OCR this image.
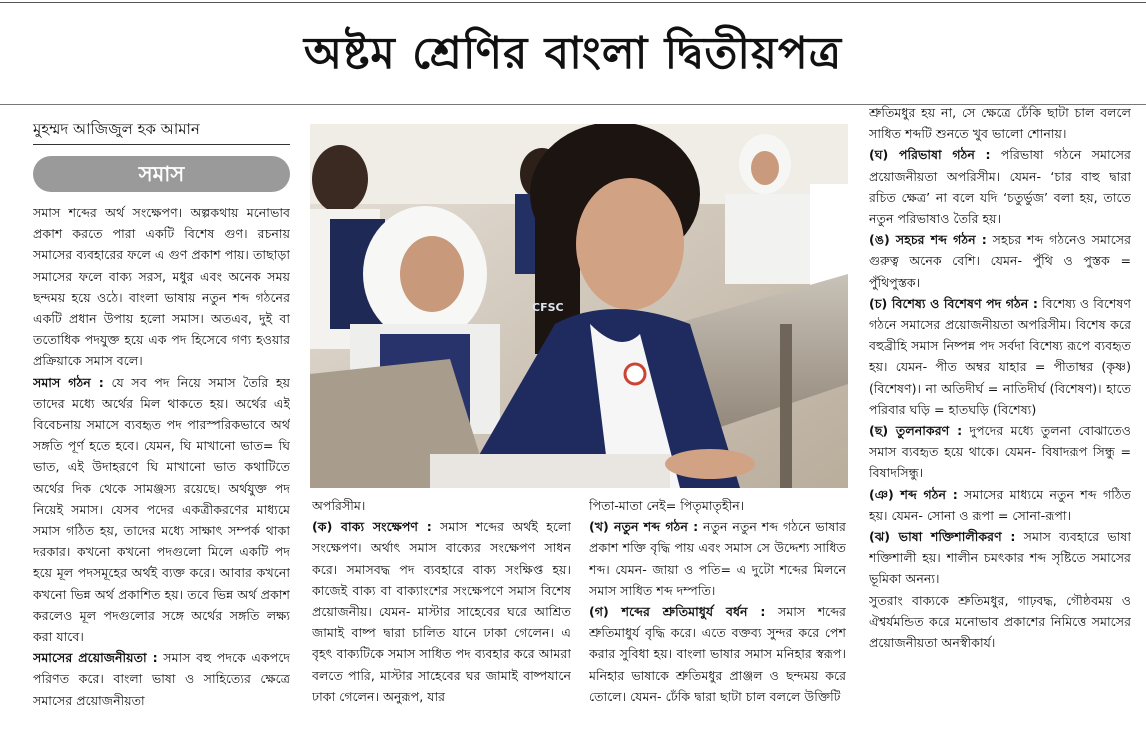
অষ্টম শ্রেণির বাংলা দ্বিতীয়পত্র
মুহম্মদ আজিজুল হক আমান
সমাস

সমাস শব্দের অর্থ সংক্ষেপণ। অল্পকথায় মনোভাব প্রকাশ করতে পারা একটি বিশেষ গুণ। রচনায় সমাসের ব্যবহারের ফলে এ গুণ প্রকাশ পায়। তাছাড়া সমাসের ফলে বাক্য সরস, মধুর এবং অনেক সময় ছন্দময় হয়ে ওঠে। বাংলা ভাষায় নতুন শব্দ গঠনের একটি প্রধান উপায় হলো সমাস। অতএব, দুই বা ততোধিক পদযুক্ত হয়ে এক পদ হিসেবে গণ্য হওয়ার প্রক্রিয়াকে সমাস বলে।

সমাস গঠন : যে সব পদ নিয়ে সমাস তৈরি হয় তাদের মধ্যে অর্থের মিল থাকতে হয়। অর্থের এই বিবেচনায় সমাসে ব্যবহৃত পদ পারস্পরিকভাবে অর্থ সঙ্গতি পূর্ণ হতে হবে। যেমন, ঘি মাখানো ভাত= ঘি ভাত, এই উদাহরণে ঘি মাখানো ভাত কথাটিতে অর্থের দিক থেকে সামঞ্জস্য রয়েছে। অর্থযুক্ত পদ নিয়েই সমাস। যেসব পদের একত্রীকরণের মাধ্যমে সমাস গঠিত হয়, তাদের মধ্যে সাক্ষাৎ সম্পর্ক থাকা দরকার। কখনো কখনো পদগুলো মিলে একটি পদ হয়ে মূল পদসমূহের অর্থই ব্যক্ত করে। আবার কখনো কখনো ভিন্ন অর্থ প্রকাশিত হয়। তবে ভিন্ন অর্থ প্রকাশ করলেও মূল পদগুলোর সঙ্গে অর্থের সঙ্গতি লক্ষ্য করা যাবে।

সমাসের প্রয়োজনীয়তা : সমাস বহু পদকে একপদে পরিণত করে। বাংলা ভাষা ও সাহিত্যের ক্ষেত্রে সমাসের প্রয়োজনীয়তা

CFSC

অপরিসীম।

(ক) বাক্য সংক্ষেপণ : সমাস শব্দের অর্থই হলো সংক্ষেপণ। অর্থাৎ সমাস বাক্যের সংক্ষেপণ সাধন করে। সমাসবদ্ধ পদ ব্যবহারে বাক্য সংক্ষিপ্ত হয়। কাজেই বাক্য বা বাক্যাংশের সংক্ষেপণে সমাস বিশেষ প্রয়োজনীয়। যেমন- মাস্টার সাহেবের ঘরে আশ্রিত জামাই বাষ্প দ্বারা চালিত যানে ঢাকা গেলেন। এ বৃহৎ বাক্যটিকে সমাস সাধিত পদ ব্যবহার করে আমরা বলতে পারি, মাস্টার সাহেবের ঘর জামাই বাষ্পযানে ঢাকা গেলেন। অনুরূপ, যার

পিতা-মাতা নেই= পিতৃমাতৃহীন।

(খ) নতুন শব্দ গঠন : নতুন নতুন শব্দ গঠনে ভাষার প্রকাশ শক্তি বৃদ্ধি পায় এবং সমাস সে উদ্দেশ্য সাধিত শব্দ। যেমন- জায়া ও পতি= এ দুটো শব্দের মিলনে সমাস সাধিত শব্দ দম্পতি।

(গ) শব্দের শ্রুতিমাধুর্য বর্ধন : সমাস শব্দের শ্রুতিমাধুর্য বৃদ্ধি করে। এতে বক্তব্য সুন্দর করে পেশ করার সুবিধা হয়। বাংলা ভাষার সমাস মনিহার স্বরূপ। মনিহার ভাষাকে শ্রুতিমধুর প্রাঞ্জল ও ছন্দময় করে তোলে। যেমন- ঢেঁকি দ্বারা ছাটা চাল বললে উক্তিটি

শ্রুতিমধুর হয় না, সে ক্ষেত্রে ঢেঁকি ছাটা চাল বললে সাধিত শব্দটি শুনতে খুব ভালো শোনায়।

(ঘ) পরিভাষা গঠন : পরিভাষা গঠনে সমাসের প্রয়োজনীয়তা অপরিসীম। যেমন- ‘চার বাহু দ্বারা রচিত ক্ষেত্র’ না বলে যদি ‘চতুর্ভুজ’ বলা হয়, তাতে নতুন পরিভাষাও তৈরি হয়।

(ঙ) সহচর শব্দ গঠন : সহচর শব্দ গঠনেও সমাসের গুরুত্ব অনেক বেশি। যেমন- পুঁথি ও পুস্তক = পুঁথিপুস্তক।

(চ) বিশেষ্য ও বিশেষণ পদ গঠন : বিশেষ্য ও বিশেষণ গঠনে সমাসের প্রয়োজনীয়তা অপরিসীম। বিশেষ করে বহুব্রীহি সমাস নিষ্পন্ন পদ সর্বদা বিশেষ্য রূপে ব্যবহৃত হয়। যেমন- পীত অম্বর যাহার = পীতাম্বর (কৃষ্ণ) (বিশেষণ)। না অতিদীর্ঘ = নাতিদীর্ঘ (বিশেষণ)। হাতে পরিবার ঘড়ি = হাতঘড়ি (বিশেষ্য)

(ছ) তুলনাকরণ : দুপদের মধ্যে তুলনা বোঝাতেও সমাস ব্যবহৃত হয়ে থাকে। যেমন- বিষাদরূপ সিন্ধু = বিষাদসিন্ধু।

(ঞ) শব্দ গঠন : সমাসের মাধ্যমে নতুন শব্দ গঠিত হয়। যেমন- সোনা ও রূপা = সোনা-রূপা।

(ঝ) ভাষা শক্তিশালীকরণ : সমাস ব্যবহারে ভাষা শক্তিশালী হয়। শালীন চমৎকার শব্দ সৃষ্টিতে সমাসের ভূমিকা অনন্য।

সুতরাং বাক্যকে শ্রুতিমধুর, গাঢ়বদ্ধ, গৌষ্ঠবময় ও ঐশ্বর্যমন্ডিত করে মনোভাব প্রকাশের নিমিত্তে সমাসের প্রয়োজনীয়তা অনস্বীকার্য।
